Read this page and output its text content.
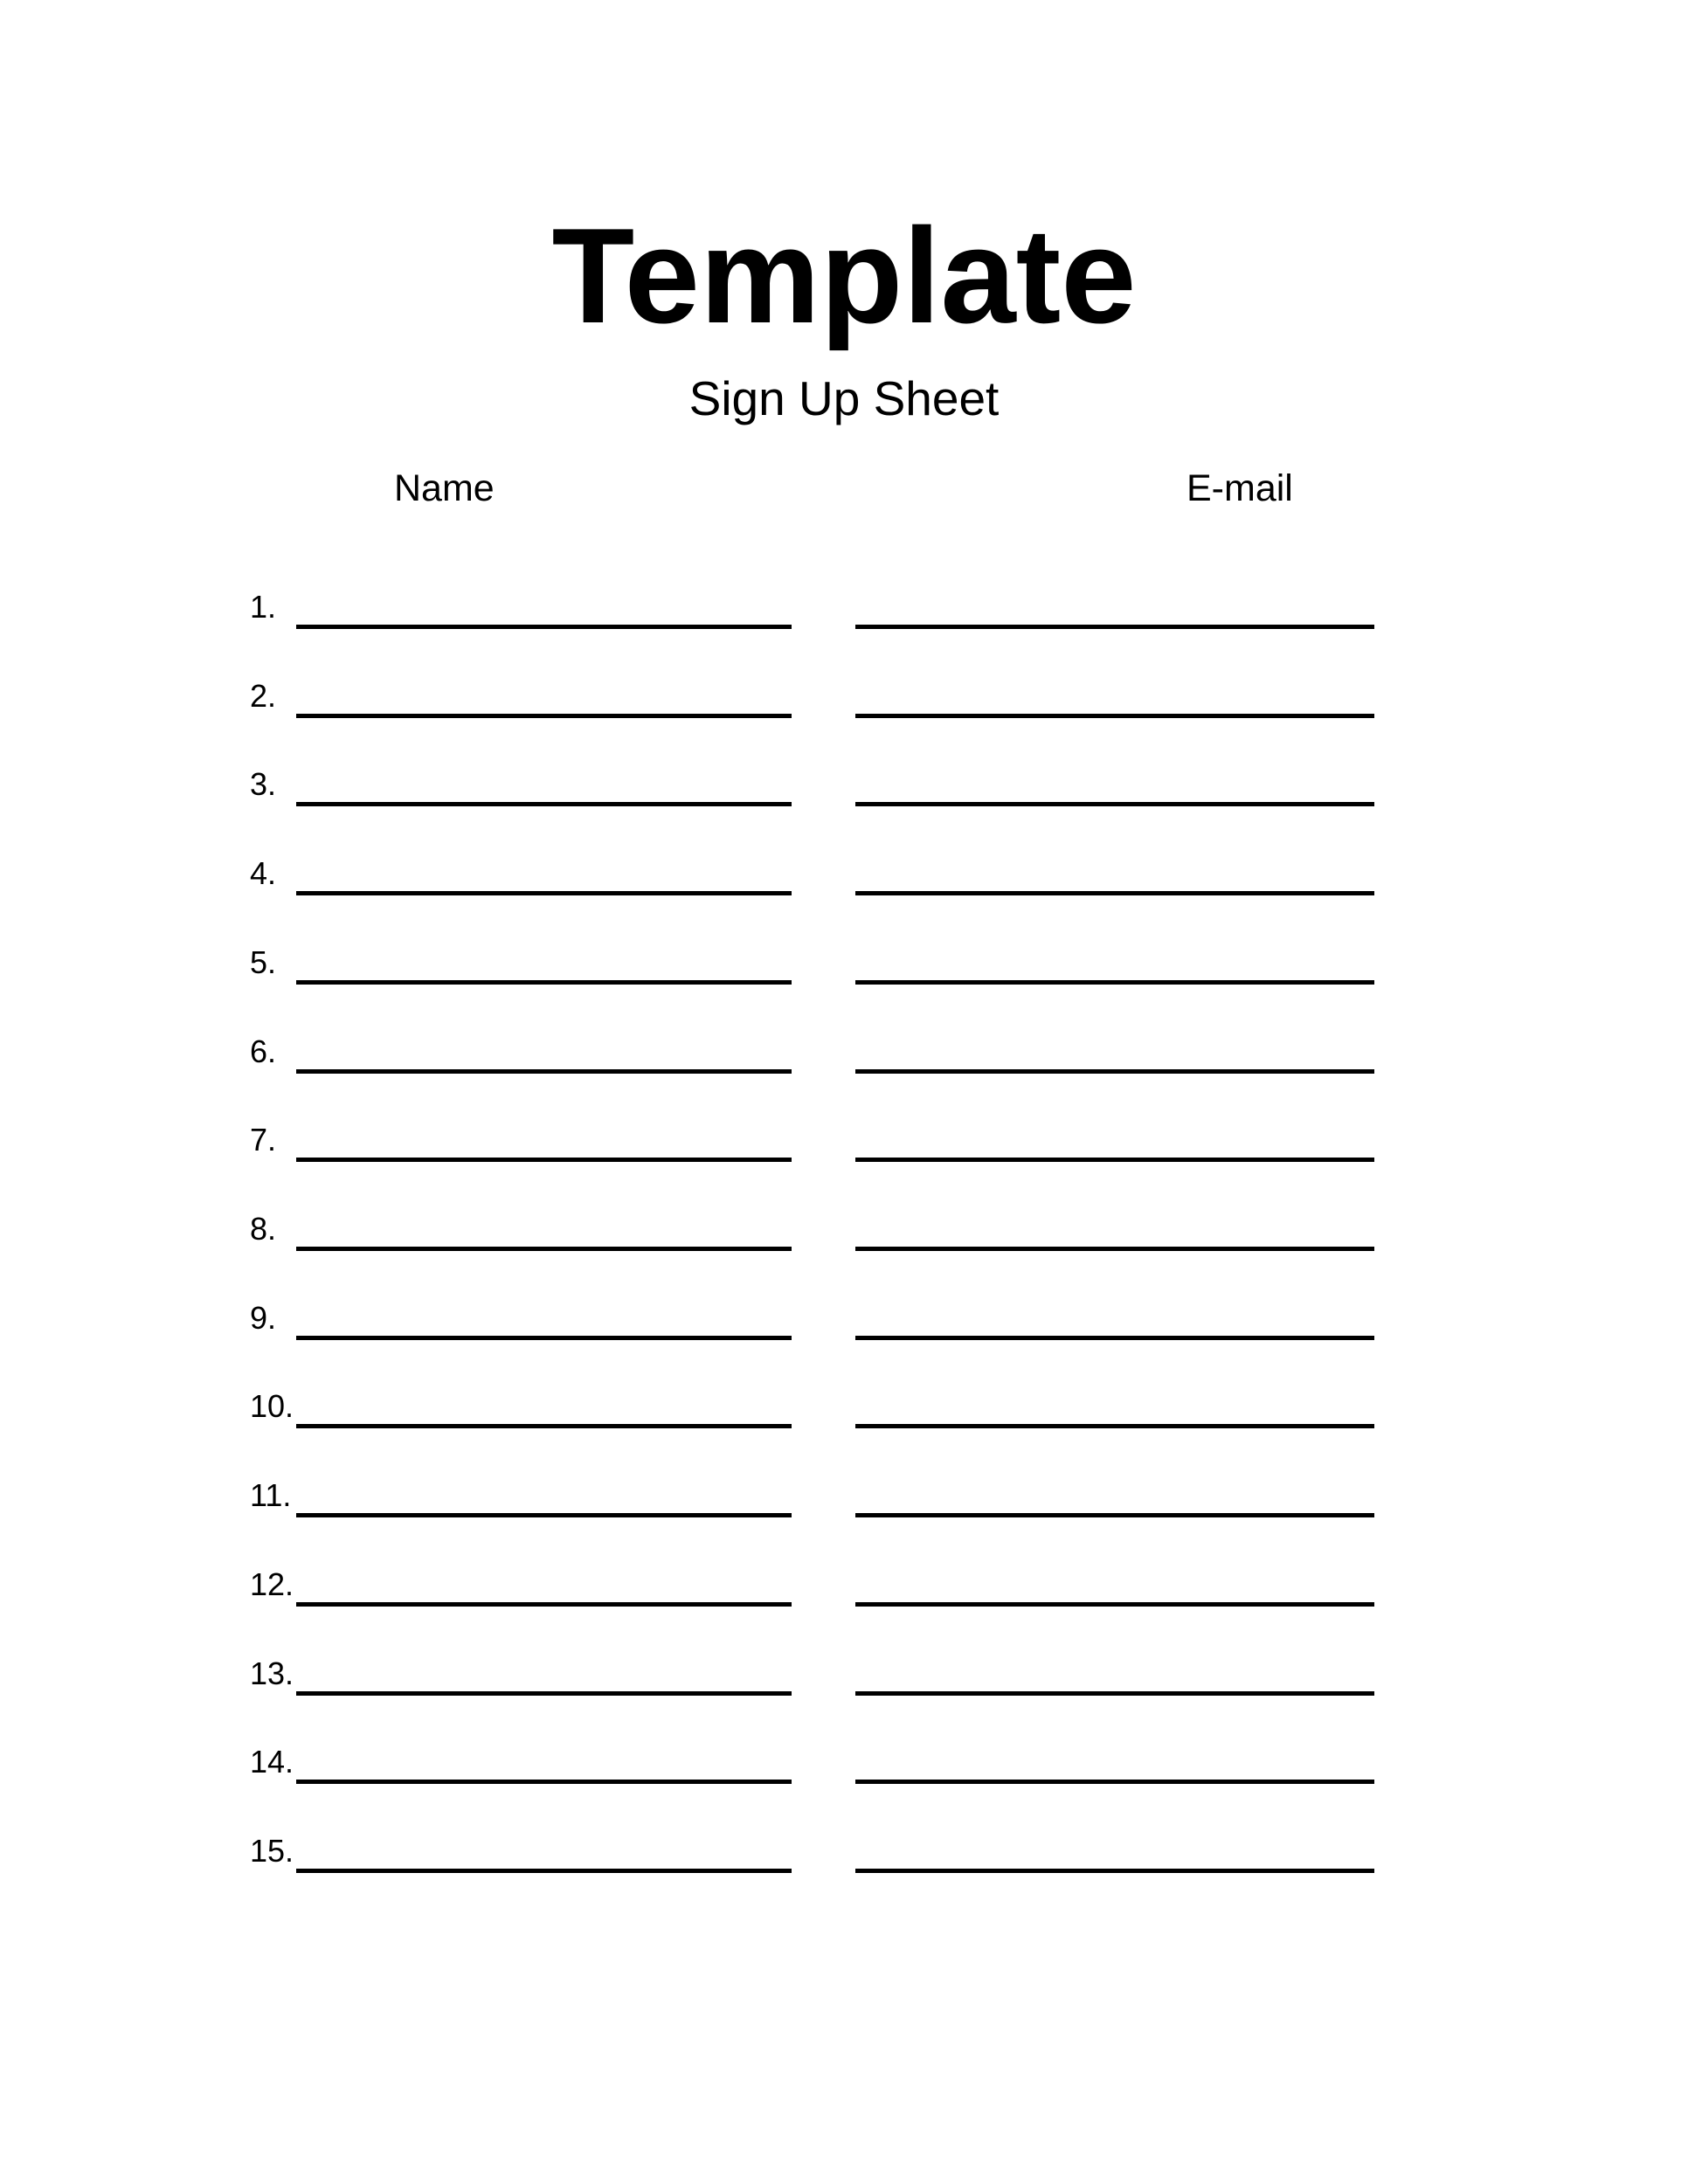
Template
Sign Up Sheet
Name	E-mail
1.
2.
3.
4.
5.
6.
7.
8.
9.
10.
11.
12.
13.
14.
15.
